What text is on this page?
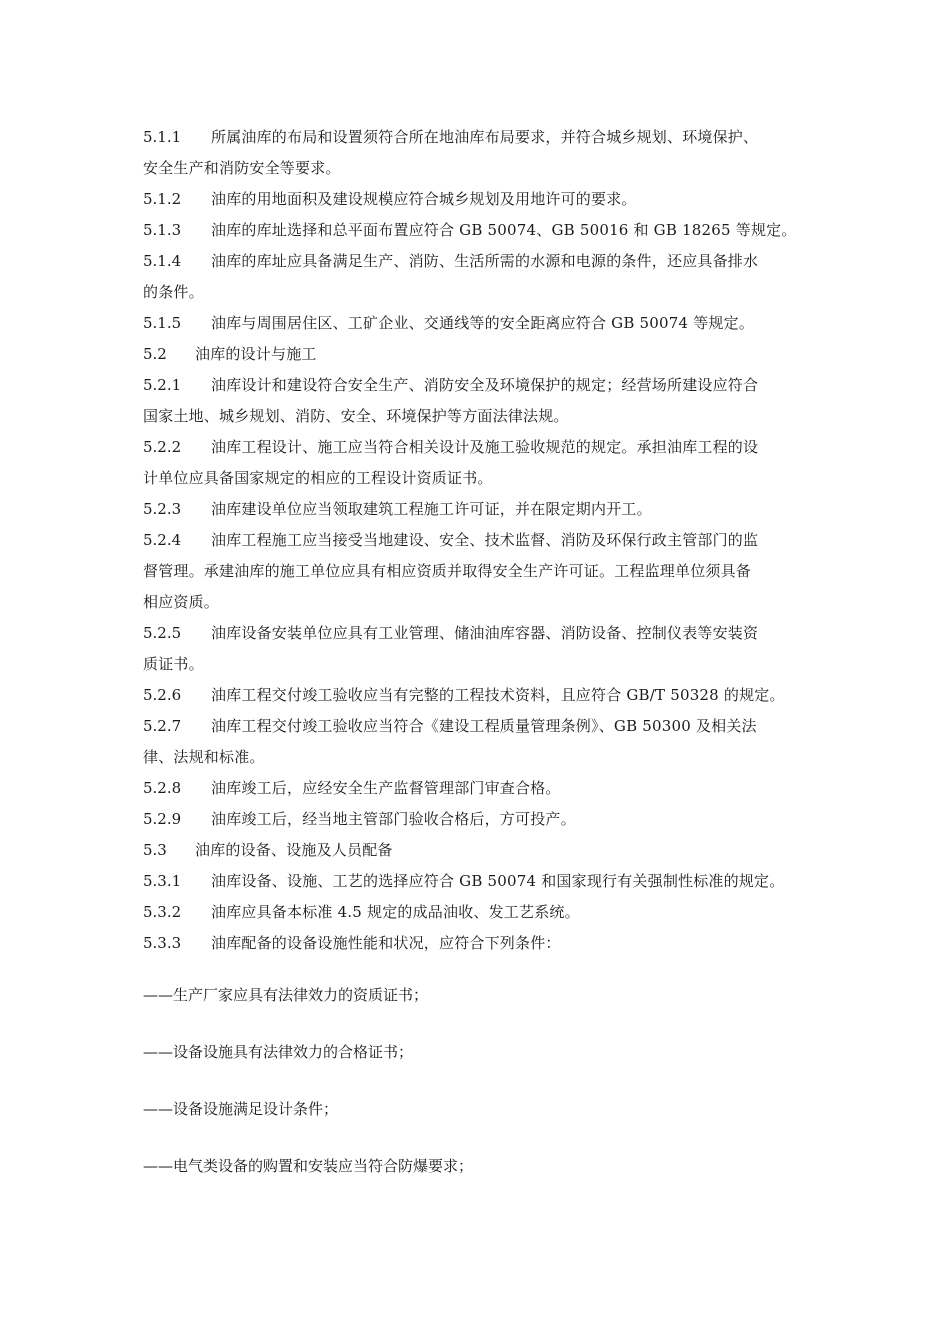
5.1.1 所属油库的布局和设置须符合所在地油库布局要求，并符合城乡规划、环境保护、
安全生产和消防安全等要求。
5.1.2 油库的用地面积及建设规模应符合城乡规划及用地许可的要求。
5.1.3 油库的库址选择和总平面布置应符合 GB 50074、GB 50016 和 GB 18265 等规定。
5.1.4 油库的库址应具备满足生产、消防、生活所需的水源和电源的条件，还应具备排水
的条件。
5.1.5 油库与周围居住区、工矿企业、交通线等的安全距离应符合 GB 50074 等规定。
5.2 油库的设计与施工
5.2.1 油库设计和建设符合安全生产、消防安全及环境保护的规定；经营场所建设应符合
国家土地、城乡规划、消防、安全、环境保护等方面法律法规。
5.2.2 油库工程设计、施工应当符合相关设计及施工验收规范的规定。承担油库工程的设
计单位应具备国家规定的相应的工程设计资质证书。
5.2.3 油库建设单位应当领取建筑工程施工许可证，并在限定期内开工。
5.2.4 油库工程施工应当接受当地建设、安全、技术监督、消防及环保行政主管部门的监
督管理。承建油库的施工单位应具有相应资质并取得安全生产许可证。工程监理单位须具备
相应资质。
5.2.5 油库设备安装单位应具有工业管理、储油油库容器、消防设备、控制仪表等安装资
质证书。
5.2.6 油库工程交付竣工验收应当有完整的工程技术资料，且应符合 GB/T 50328 的规定。
5.2.7 油库工程交付竣工验收应当符合《建设工程质量管理条例》、GB 50300 及相关法
律、法规和标准。
5.2.8 油库竣工后，应经安全生产监督管理部门审查合格。
5.2.9 油库竣工后，经当地主管部门验收合格后，方可投产。
5.3 油库的设备、设施及人员配备
5.3.1 油库设备、设施、工艺的选择应符合 GB 50074 和国家现行有关强制性标准的规定。
5.3.2 油库应具备本标准 4.5 规定的成品油收、发工艺系统。
5.3.3 油库配备的设备设施性能和状况，应符合下列条件：
——生产厂家应具有法律效力的资质证书；
——设备设施具有法律效力的合格证书；
——设备设施满足设计条件；
——电气类设备的购置和安装应当符合防爆要求；
